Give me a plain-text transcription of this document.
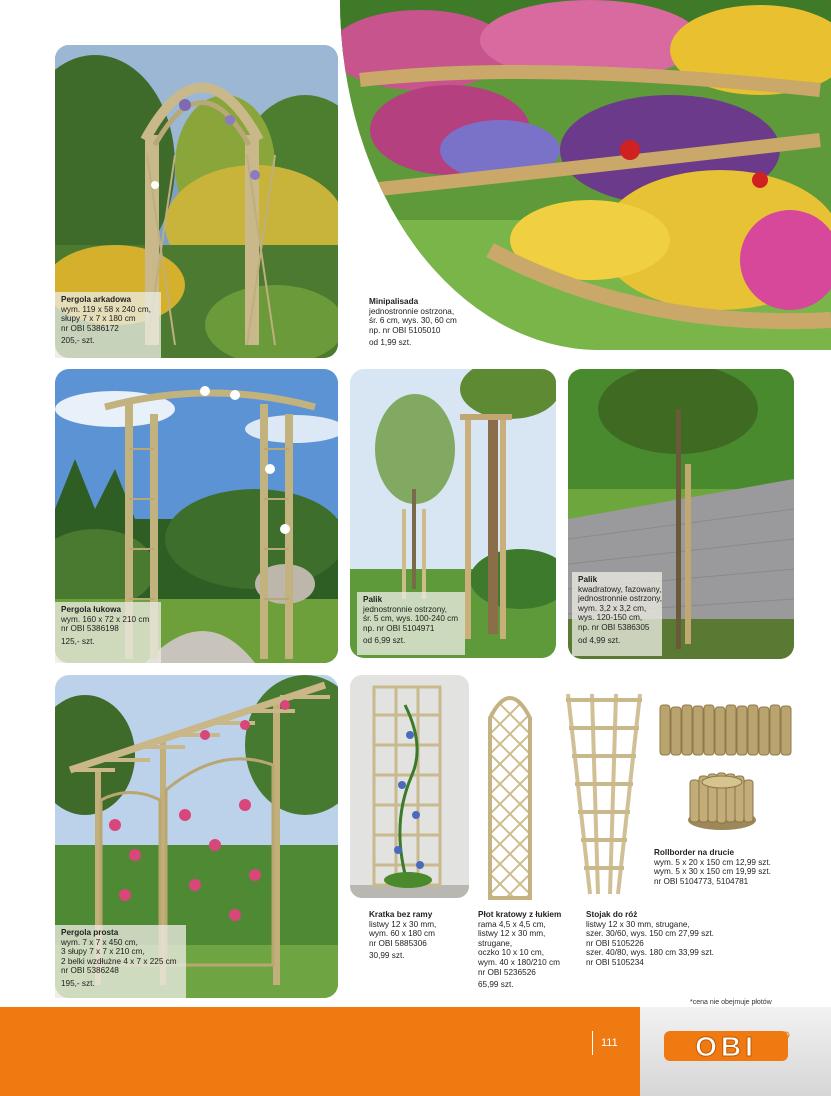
Pergola arkadowa
wym. 119 x 58 x 240 cm,
słupy 7 x 7 x 180 cm
nr OBI 5386172
205,- szt.
Minipalisada
jednostronnie ostrzona,
śr. 6 cm, wys. 30, 60 cm
np. nr OBI 5105010
od 1,99 szt.
Pergola łukowa
wym. 160 x 72 x 210 cm
nr OBI 5386198
125,- szt.
Palik
jednostronnie ostrzony,
śr. 5 cm, wys. 100-240 cm
np. nr OBI 5104971
od 6,99 szt.
Palik
kwadratowy, fazowany,
jednostronnie ostrzony,
wym. 3,2 x 3,2 cm,
wys. 120-150 cm,
np. nr OBI 5386305
od 4,99 szt.
Pergola prosta
wym. 7 x 7 x 450 cm,
3 słupy 7 x 7 x 210 cm,
2 belki wzdłużne 4 x 7 x 225 cm
nr OBI 5386248
195,- szt.
Kratka bez ramy
listwy 12 x 30 mm,
wym. 60 x 180 cm
nr OBI 5885306
30,99 szt.
Płot kratowy z łukiem
rama 4,5 x 4,5 cm,
listwy 12 x 30 mm,
strugane,
oczko 10 x 10 cm,
wym. 40 x 180/210 cm
nr OBI 5236526
65,99 szt.
Stojak do róż
listwy 12 x 30 mm, strugane,
szer. 30/60, wys. 150 cm 27,99 szt.
nr OBI 5105226
szer. 40/80, wys. 180 cm 33,99 szt.
nr OBI 5105234
Rollborder na drucie
wym. 5 x 20 x 150 cm 12,99 szt.
wym. 5 x 30 x 150 cm 19,99 szt.
nr OBI 5104773, 5104781
*cena nie obejmuje płotów
111	OBI
